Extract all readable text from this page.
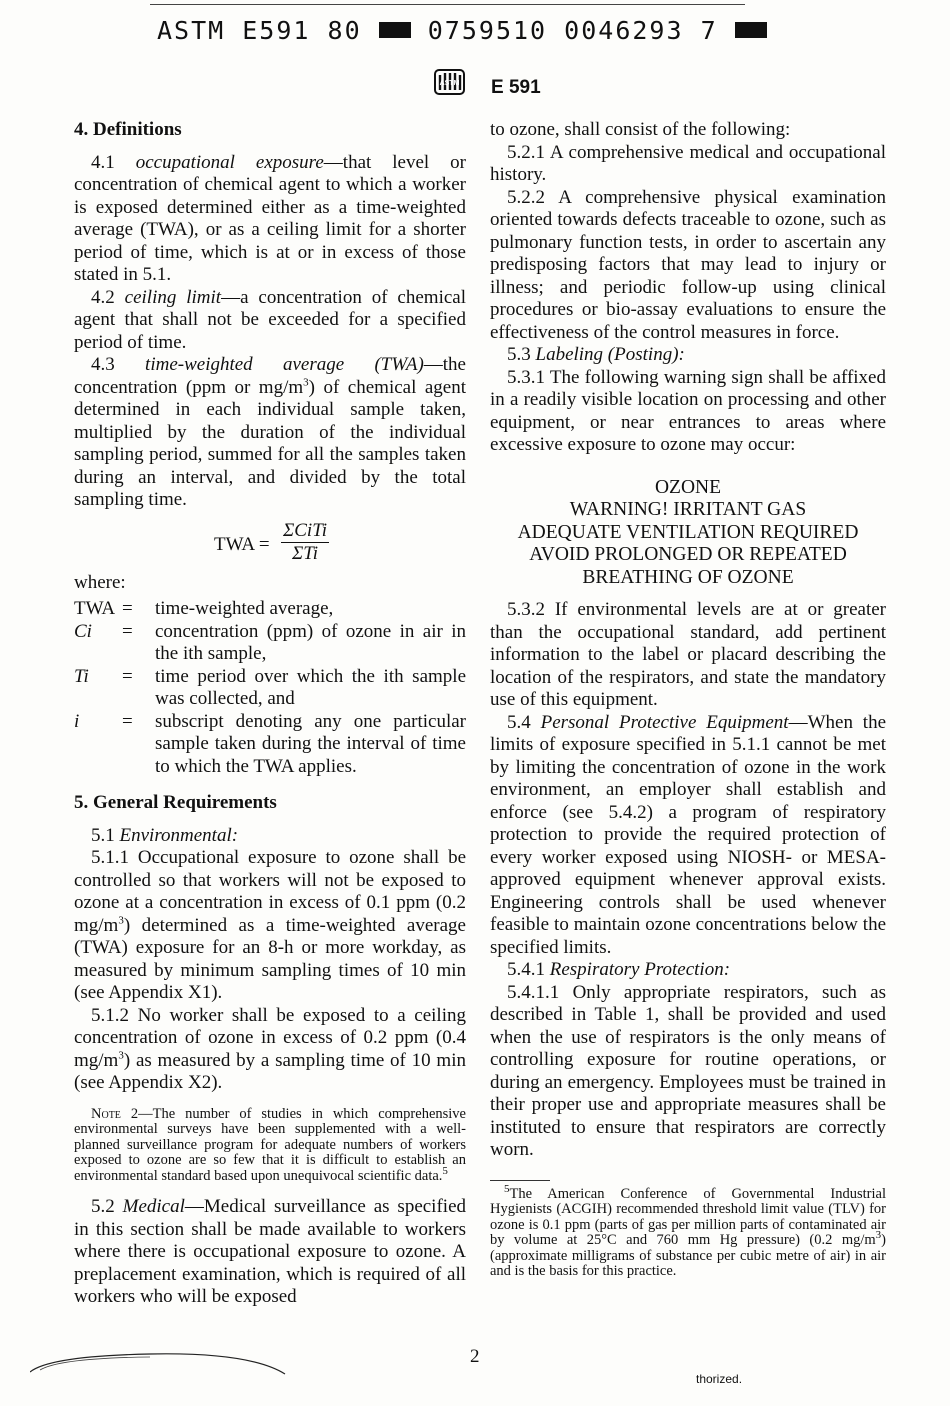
ASTM E591 80	0759510 0046293 7
ASTM E 591
4. Definitions

4.1 occupational exposure—that level or concentration of chemical agent to which a worker is exposed determined either as a time-weighted average (TWA), or as a ceiling limit for a shorter period of time, which is at or in excess of those stated in 5.1.

4.2 ceiling limit—a concentration of chemical agent that shall not be exceeded for a specified period of time.

4.3 time-weighted average (TWA)—the concentration (ppm or $mg/m^3$) of chemical agent determined in each individual sample taken, multiplied by the duration of the individual sampling period, summed for all the samples taken during an interval, and divided by the total sampling time.

TWA =
ΣCiTi
ΣTi
where:
TWA =	time-weighted average,
Ci	=	concentration (ppm) of ozone in air in the ith sample,
Ti	=	time period over which the ith sample was collected, and
i	=	subscript denoting any one particular sample taken during the interval of time to which the TWA applies.
5. General Requirements

5.1 Environmental:

5.1.1 Occupational exposure to ozone shall be controlled so that workers will not be exposed to ozone at a concentration in excess of 0.1 ppm (0.2 $mg/m^3$) determined as a time-weighted average (TWA) exposure for an 8-h or more workday, as measured by minimum sampling times of 10 min (see Appendix X1).

5.1.2 No worker shall be exposed to a ceiling concentration of ozone in excess of 0.2 ppm (0.4 $mg/m^3$) as measured by a sampling time of 10 min (see Appendix X2).

Note 2—The number of studies in which comprehensive environmental surveys have been supplemented with a well-planned surveillance program for adequate numbers of workers exposed to ozone are so few that it is difficult to establish an environmental standard based upon unequivocal scientific data.$^5$

5.2 Medical—Medical surveillance as specified in this section shall be made available to workers where there is occupational exposure to ozone. A preplacement examination, which is required of all workers who will be exposed

to ozone, shall consist of the following:

5.2.1 A comprehensive medical and occupational history.

5.2.2 A comprehensive physical examination oriented towards defects traceable to ozone, such as pulmonary function tests, in order to ascertain any predisposing factors that may lead to injury or illness; and periodic follow-up using clinical procedures or bio-assay evaluations to ensure the effectiveness of the control measures in force.

5.3 Labeling (Posting):

5.3.1 The following warning sign shall be affixed in a readily visible location on processing and other equipment, or near entrances to areas where excessive exposure to ozone may occur:

OZONE
WARNING! IRRITANT GAS
ADEQUATE VENTILATION REQUIRED
AVOID PROLONGED OR REPEATED
BREATHING OF OZONE

5.3.2 If environmental levels are at or greater than the occupational standard, add pertinent information to the label or placard describing the location of the respirators, and state the mandatory use of this equipment.

5.4 Personal Protective Equipment—When the limits of exposure specified in 5.1.1 cannot be met by limiting the concentration of ozone in the work environment, an employer shall establish and enforce (see 5.4.2) a program of respiratory protection to provide the required protection of every worker exposed using NIOSH- or MESA-approved equipment whenever approval exists. Engineering controls shall be used whenever feasible to maintain ozone concentrations below the specified limits.

5.4.1 Respiratory Protection:

5.4.1.1 Only appropriate respirators, such as described in Table 1, shall be provided and used when the use of respirators is the only means of controlling exposure for routine operations, or during an emergency. Employees must be trained in their proper use and appropriate measures shall be instituted to ensure that respirators are correctly worn.

$^5$The American Conference of Governmental Industrial Hygienists (ACGIH) recommended threshold limit value (TLV) for ozone is 0.1 ppm (parts of gas per million parts of contaminated air by volume at 25°C and 760 mm Hg pressure) (0.2 $mg/m^3$) (approximate milligrams of substance per cubic metre of air) in air and is the basis for this practice.

2
thorized.
